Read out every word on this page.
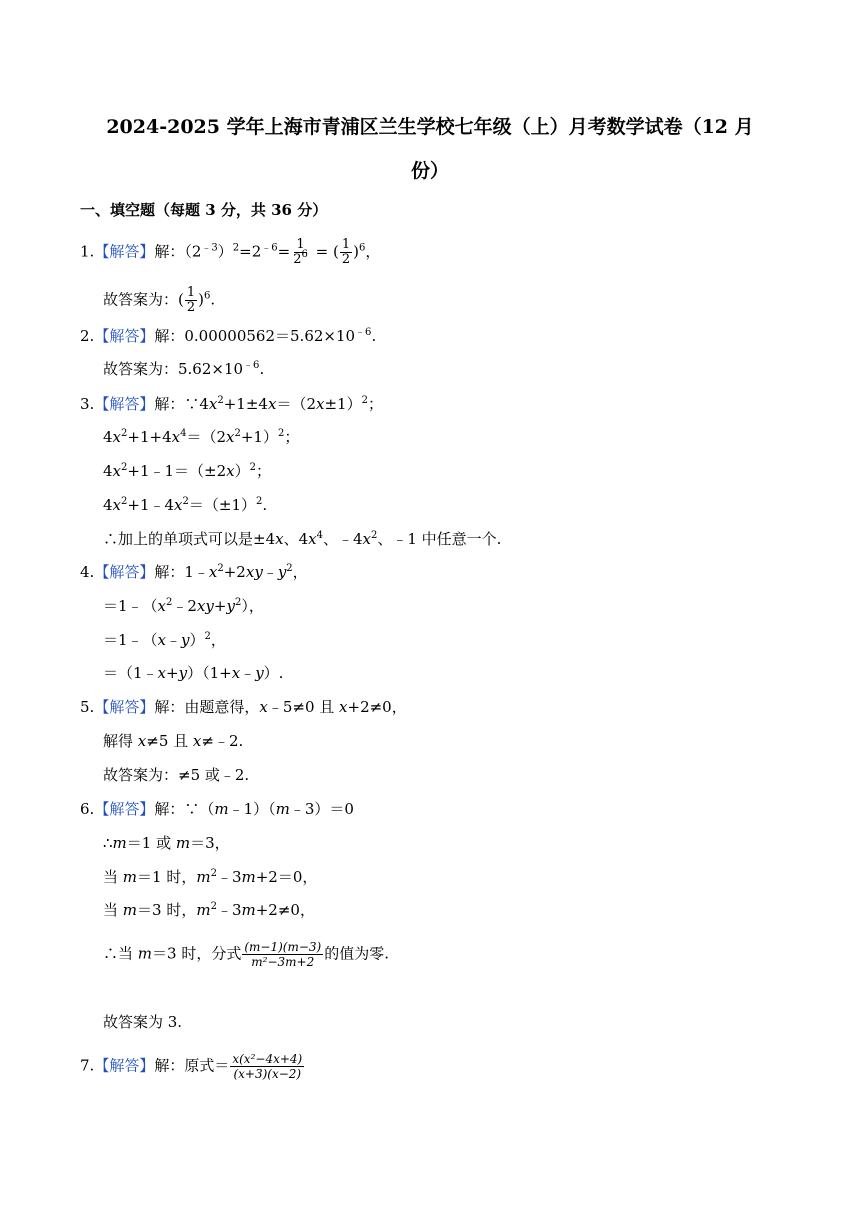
2024-2025 学年上海市青浦区兰生学校七年级（上）月考数学试卷（12 月
份）
一、填空题（每题 3 分，共 36 分）
1.【解答】解：$(2^{﹣3})^2=2^{﹣6}= \frac{1}{2^6}$ = ( $\frac{1}{2} )^6$，
故答案为：( $\frac{1}{2} )^6$.
2.【解答】解：$0.00000562=5.62\times 10^{﹣6}$.
故答案为：$5.62\times 10^{﹣6}$.
3.【解答】解：$\because 4x^2+1\pm 4x=(2x\pm 1)^2$；
$4x^2+1+4x^4=(2x^2+1)^2$；
$4x^2+1﹣1=(\pm 2x)^2$；
$4x^2+1﹣4x^2=(\pm 1)^2$.
∴加上的单项式可以是±4x、$4x^4$、$﹣4x^2$、﹣1 中任意一个.
4.【解答】解：$1﹣x^2+2xy﹣y^2$，
$=1﹣(x^2﹣2xy+y^2)$，
＝1﹣（x﹣y）$^2$，
＝（1﹣x+y）（1+x﹣y）.
5.【解答】解：由题意得，x﹣5≠0 且 x+2≠0，
解得 x≠5 且 x≠﹣2.
故答案为：≠5 或﹣2.
6.【解答】解：∵（m﹣1）（m﹣3）＝0
∴m＝1 或 m＝3，
当 m＝1 时，$m^2﹣3m+2=0$，
当 m＝3 时，$m^2﹣3m+2\ne 0$，
∴当 m＝3 时，分式 $\frac{(m-1)(m-3)}{\text{m²−3m+2}}$ 的值为零.
故答案为 3.
7.【解答】解：原式＝ $\frac{\text{x(x²−4x+4)}}{(x+3)(x-2)}$
